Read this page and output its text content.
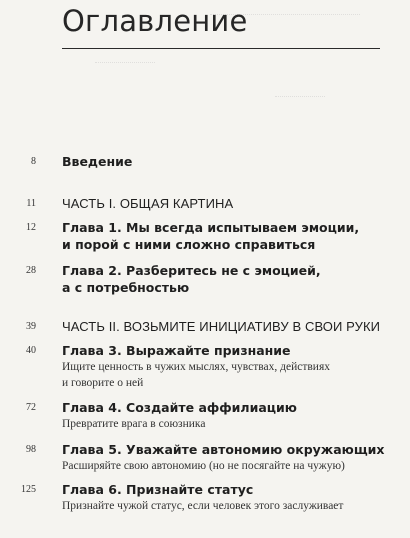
Оглавление
8 Введение
11 ЧАСТЬ I. ОБЩАЯ КАРТИНА
12 Глава 1. Мы всегда испытываем эмоции,
и порой с ними сложно справиться
28 Глава 2. Разберитесь не с эмоцией,
а с потребностью
39 ЧАСТЬ II. ВОЗЬМИТЕ ИНИЦИАТИВУ В СВОИ РУКИ
40 Глава 3. Выражайте признание
Ищите ценность в чужих мыслях, чувствах, действиях
и говорите о ней
72 Глава 4. Создайте аффилиацию
Превратите врага в союзника
98 Глава 5. Уважайте автономию окружающих
Расширяйте свою автономию (но не посягайте на чужую)
125 Глава 6. Признайте статус
Признайте чужой статус, если человек этого заслуживает
